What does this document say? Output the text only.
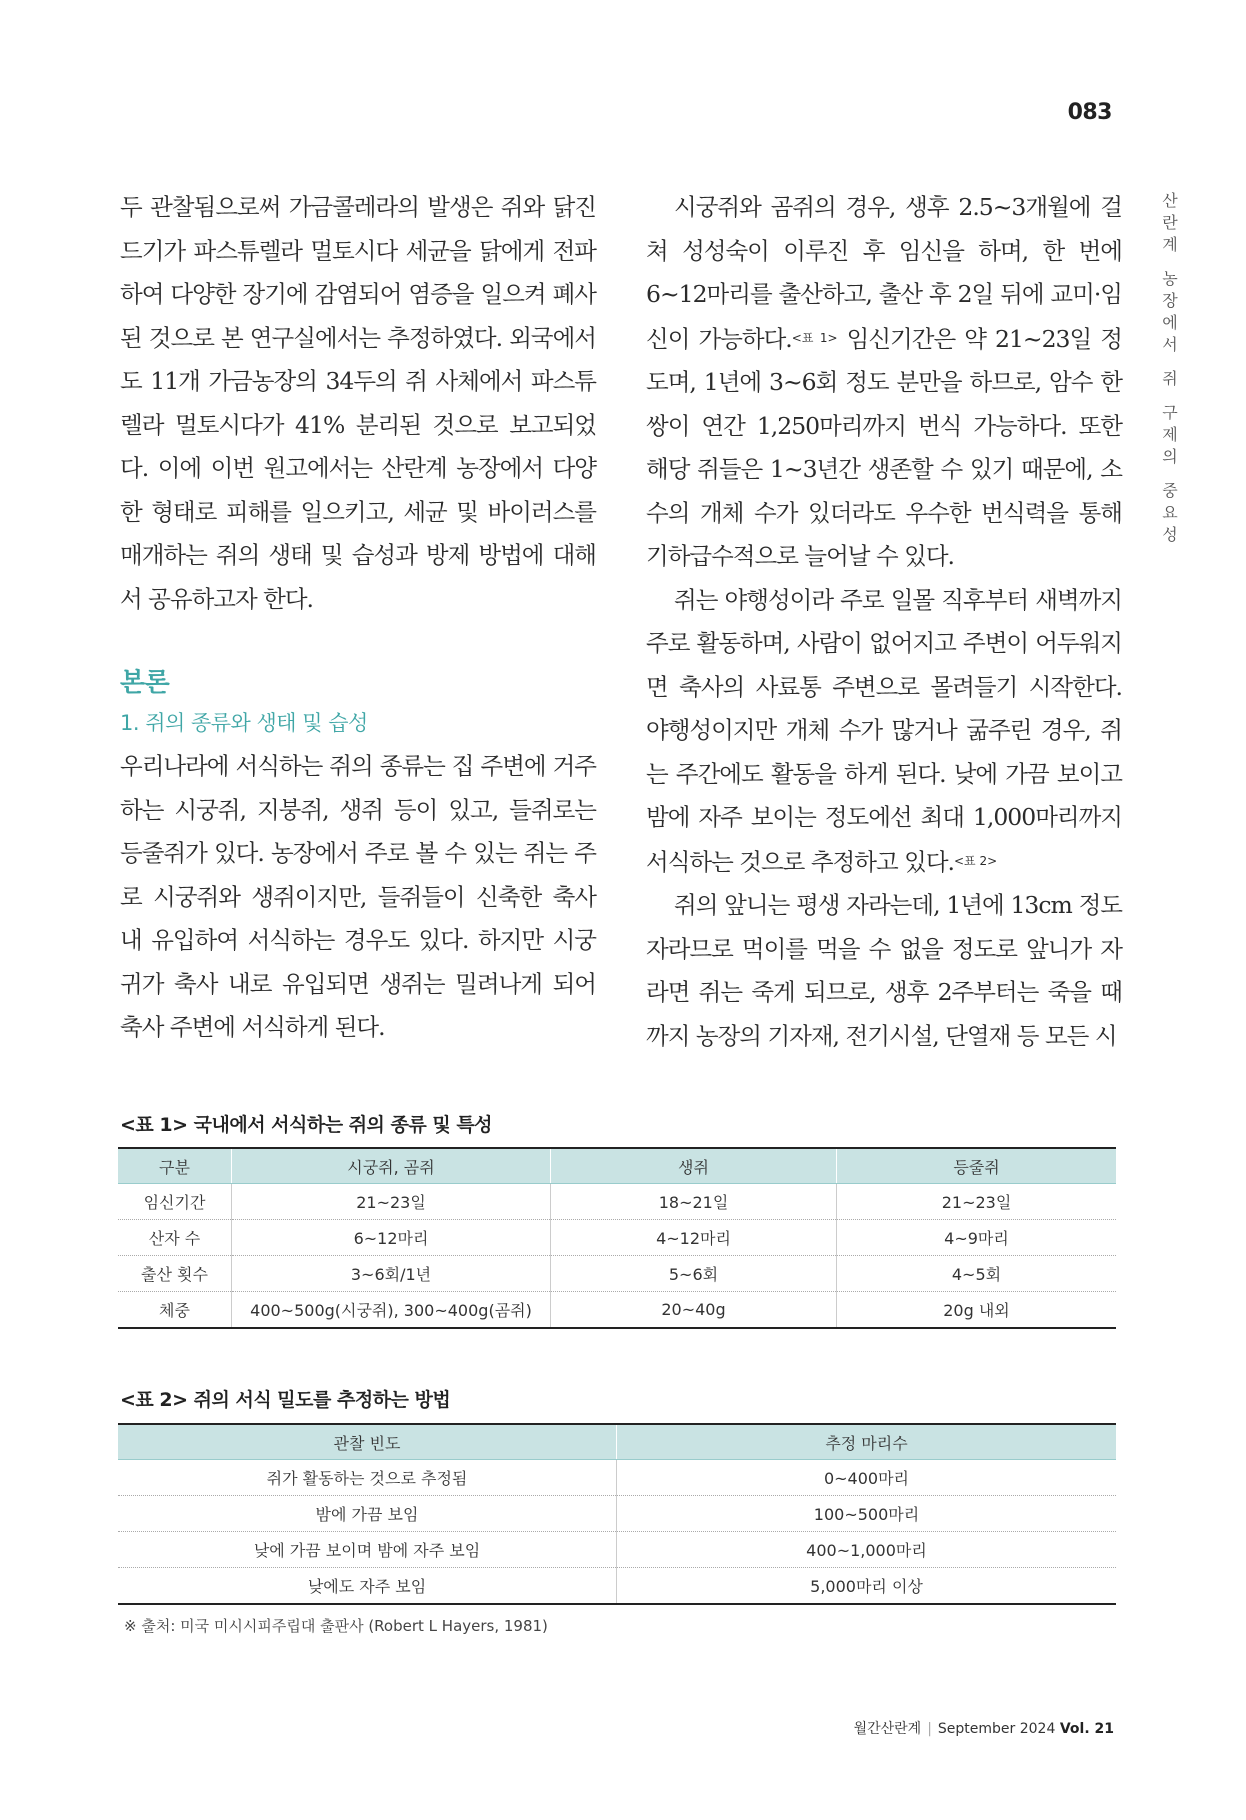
083
산
란
계
농
장
에
서
쥐
구
제
의
중
요
성

두 관찰됨으로써 가금콜레라의 발생은 쥐와 닭진드기가 파스튜렐라 멀토시다 세균을 닭에게 전파하여 다양한 장기에 감염되어 염증을 일으켜 폐사된 것으로 본 연구실에서는 추정하였다. 외국에서도 11개 가금농장의 34두의 쥐 사체에서 파스튜렐라 멀토시다가 41% 분리된 것으로 보고되었다. 이에 이번 원고에서는 산란계 농장에서 다양한 형태로 피해를 일으키고, 세균 및 바이러스를 매개하는 쥐의 생태 및 습성과 방제 방법에 대해서 공유하고자 한다.

본론
1. 쥐의 종류와 생태 및 습성

우리나라에 서식하는 쥐의 종류는 집 주변에 거주하는 시궁쥐, 지붕쥐, 생쥐 등이 있고, 들쥐로는 등줄쥐가 있다. 농장에서 주로 볼 수 있는 쥐는 주로 시궁쥐와 생쥐이지만, 들쥐들이 신축한 축사 내 유입하여 서식하는 경우도 있다. 하지만 시궁귀가 축사 내로 유입되면 생쥐는 밀려나게 되어 축사 주변에 서식하게 된다.

시궁쥐와 곰쥐의 경우, 생후 2.5~3개월에 걸쳐 성성숙이 이루진 후 임신을 하며, 한 번에 6~12마리를 출산하고, 출산 후 2일 뒤에 교미·임신이 가능하다.$^{<표 1>}$ 임신기간은 약 21~23일 정도며, 1년에 3~6회 정도 분만을 하므로, 암수 한 쌍이 연간 1,250마리까지 번식 가능하다. 또한 해당 쥐들은 1~3년간 생존할 수 있기 때문에, 소수의 개체 수가 있더라도 우수한 번식력을 통해 기하급수적으로 늘어날 수 있다.

쥐는 야행성이라 주로 일몰 직후부터 새벽까지 주로 활동하며, 사람이 없어지고 주변이 어두워지면 축사의 사료통 주변으로 몰려들기 시작한다. 야행성이지만 개체 수가 많거나 굶주린 경우, 쥐는 주간에도 활동을 하게 된다. 낮에 가끔 보이고 밤에 자주 보이는 정도에선 최대 1,000마리까지 서식하는 것으로 추정하고 있다.$^{<표 2>}$

쥐의 앞니는 평생 자라는데, 1년에 13cm 정도 자라므로 먹이를 먹을 수 없을 정도로 앞니가 자라면 쥐는 죽게 되므로, 생후 2주부터는 죽을 때까지 농장의 기자재, 전기시설, 단열재 등 모든 시

<표 1> 국내에서 서식하는 쥐의 종류 및 특성
구분	시궁쥐, 곰쥐	생쥐	등줄쥐
임신기간	21~23일	18~21일	21~23일
산자 수	6~12마리	4~12마리	4~9마리
출산 횟수	3~6회/1년	5~6회	4~5회
체중	400~500g(시궁쥐), 300~400g(곰쥐)	20~40g	20g 내외
<표 2> 쥐의 서식 밀도를 추정하는 방법
관찰 빈도	추정 마리수
쥐가 활동하는 것으로 추정됨	0~400마리
밤에 가끔 보임	100~500마리
낮에 가끔 보이며 밤에 자주 보임	400~1,000마리
낮에도 자주 보임	5,000마리 이상
※ 출처: 미국 미시시피주립대 출판사 (Robert L Hayers, 1981)
월간산란계 | September 2024 Vol. 21
